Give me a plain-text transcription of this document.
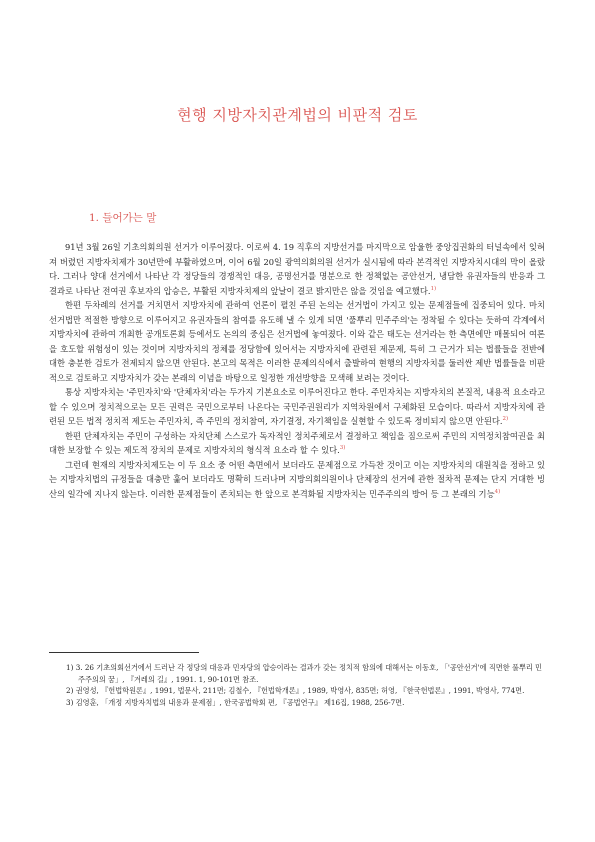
현행 지방자치관계법의 비판적 검토
1. 들어가는 말

91년 3월 26일 기초의회의원 선거가 이루어졌다. 이로써 4. 19 직후의 지방선거를 마지막으로 암울한 중앙집권화의 터널속에서 잊혀져 버렸던 지방자치제가 30년만에 부활하였으며, 이어 6월 20일 광역의회의원 선거가 실시됨에 따라 본격적인 지방자치시대의 막이 올랐다. 그러나 양대 선거에서 나타난 각 정당들의 경쟁적인 대응, 공명선거를 명분으로 한 정책없는 공안선거, 냉담한 유권자들의 반응과 그 결과로 나타난 전여권 후보자의 압승은, 부활된 지방자치제의 앞날이 결코 밝지만은 않을 것임을 예고했다.$^{1)}$

한편 두차례의 선거를 거치면서 지방자치에 관하여 언론이 펼친 주된 논의는 선거법이 가지고 있는 문제점들에 집중되어 있다. 마치 선거법만 적절한 방향으로 이루어지고 유권자들의 참여를 유도해 낼 수 있게 되면 '풀뿌리 민주주의'는 정착될 수 있다는 듯하여 각계에서 지방자치에 관하여 개최한 공개토론회 등에서도 논의의 중심은 선거법에 놓여졌다. 이와 같은 태도는 선거라는 한 측면에만 매몰되어 여론을 호도할 위험성이 있는 것이며 지방자치의 정체를 정당함에 있어서는 지방자치에 관련된 제문제, 특히 그 근거가 되는 법률들을 전반에 대한 충분한 검토가 전제되지 않으면 안된다. 본고의 목적은 이러한 문제의식에서 출발하여 현행의 지방자치를 둘러싼 제반 법률들을 비판적으로 검토하고 지방자치가 갖는 본래의 이념을 바탕으로 일정한 개선방향을 모색해 보려는 것이다.

통상 지방자치는 '주민자치'와 '단체자치'라는 두가지 기본요소로 이루어진다고 한다. 주민자치는 지방자치의 본질적, 내용적 요소라고 할 수 있으며 정치적으로는 모든 권력은 국민으로부터 나온다는 국민주권원리가 지역차원에서 구체화된 모습이다. 따라서 지방자치에 관련된 모든 법적 정치적 제도는 주민자치, 즉 주민의 정치참여, 자기결정, 자기책임을 실현할 수 있도록 정비되지 않으면 안된다.$^{2)}$

한편 단체자치는 주민이 구성하는 자치단체 스스로가 독자적인 정치주체로서 결정하고 책임을 짐으로써 주민의 지역정치참여권을 최대한 보장할 수 있는 제도적 장치의 문제로 지방자치의 형식적 요소라 할 수 있다.$^{3)}$

그런데 현재의 지방자치제도는 이 두 요소 중 어떤 측면에서 보더라도 문제점으로 가득찬 것이고 이는 지방자치의 대원칙을 정하고 있는 지방자치법의 규정들을 대충만 훑어 보더라도 명확히 드러나며 지방의회의원이나 단체장의 선거에 관한 절차적 문제는 단지 거대한 빙산의 일각에 지나지 않는다. 이러한 문제점들이 존치되는 한 앞으로 본격화될 지방자치는 민주주의의 방어 등 그 본래의 기능$^{4)}$

1) 3. 26 기초의회선거에서 드러난 각 정당의 대응과 민자당의 압승이라는 결과가 갖는 정치적 함의에 대해서는 이동호, 「'공안선거'에 직면한 풀뿌리 민주주의의 꿈」, 『겨레의 길』, 1991. 1, 90-101면 참조.

2) 권영성, 『헌법학원론』, 1991, 법문사, 211면; 김철수, 『헌법학개론』, 1989, 박영사, 835면; 허영, 『한국헌법론』, 1991, 박영사, 774면.

3) 김영훈, 「개정 지방자치법의 내용과 문제점」, 한국공법학회 편, 『공법연구』 제16집, 1988, 256-7면.
